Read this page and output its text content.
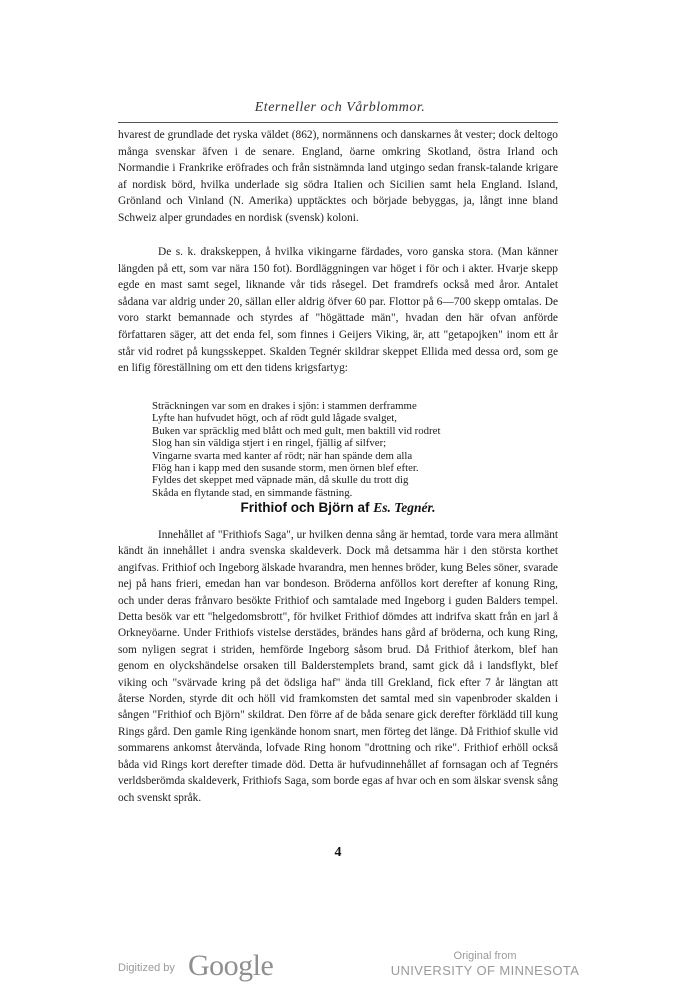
Eterneller och Vårblommor.

hvarest de grundlade det ryska väldet (862), normännens och danskarnes åt vester; dock deltogo många svenskar äfven i de senare. England, öarne omkring Skotland, östra Irland och Normandie i Frankrike eröfrades och från sistnämnda land utgingo sedan fransk-talande krigare af nordisk börd, hvilka underlade sig södra Italien och Sicilien samt hela England. Island, Grönland och Vinland (N. Amerika) upptäcktes och började bebyggas, ja, långt inne bland Schweiz alper grundades en nordisk (svensk) koloni.

De s. k. drakskeppen, å hvilka vikingarne färdades, voro ganska stora. (Man känner längden på ett, som var nära 150 fot). Bordläggningen var höget i för och i akter. Hvarje skepp egde en mast samt segel, liknande vår tids råsegel. Det framdrefs också med åror. Antalet sådana var aldrig under 20, sällan eller aldrig öfver 60 par. Flottor på 6—700 skepp omtalas. De voro starkt bemannade och styrdes af "högättade män", hvadan den här ofvan anförde författaren säger, att det enda fel, som finnes i Geijers Viking, är, att "getapojken" inom ett år står vid rodret på kungsskeppet. Skalden Tegnér skildrar skeppet Ellida med dessa ord, som ge en lifig föreställning om ett den tidens krigsfartyg:

Sträckningen var som en drakes i sjön: i stammen derframme
Lyfte han hufvudet högt, och af rödt guld lågade svalget,
Buken var spräcklig med blått och med gult, men baktill vid rodret
Slog han sin väldiga stjert i en ringel, fjällig af silfver;
Vingarne svarta med kanter af rödt; när han spände dem alla
Flög han i kapp med den susande storm, men örnen blef efter.
Fyldes det skeppet med väpnade män, då skulle du trott dig
Skåda en flytande stad, en simmande fästning.
Frithiof och Björn af Es. Tegnér.

Innehållet af "Frithiofs Saga", ur hvilken denna sång är hemtad, torde vara mera allmänt kändt än innehållet i andra svenska skaldeverk. Dock må detsamma här i den största korthet angifvas. Frithiof och Ingeborg älskade hvarandra, men hennes bröder, kung Beles söner, svarade nej på hans frieri, emedan han var bondeson. Bröderna anföllos kort derefter af konung Ring, och under deras frånvaro besökte Frithiof och samtalade med Ingeborg i guden Balders tempel. Detta besök var ett "helgedomsbrott", för hvilket Frithiof dömdes att indrifva skatt från en jarl å Orkneyöarne. Under Frithiofs vistelse derstädes, brändes hans gård af bröderna, och kung Ring, som nyligen segrat i striden, hemförde Ingeborg såsom brud. Då Frithiof återkom, blef han genom en olyckshändelse orsaken till Balderstemplets brand, samt gick då i landsflykt, blef viking och "svärvade kring på det ödsliga haf" ända till Grekland, fick efter 7 år längtan att återse Norden, styrde dit och höll vid framkomsten det samtal med sin vapenbroder skalden i sången "Frithiof och Björn" skildrat. Den förre af de båda senare gick derefter förklädd till kung Rings gård. Den gamle Ring igenkände honom snart, men förteg det länge. Då Frithiof skulle vid sommarens ankomst återvända, lofvade Ring honom "drottning och rike". Frithiof erhöll också båda vid Rings kort derefter timade död. Detta är hufvudinnehållet af fornsagan och af Tegnérs verldsberömda skaldeverk, Frithiofs Saga, som borde egas af hvar och en som älskar svensk sång och svenskt språk.

4
Digitized by Google	Original from
UNIVERSITY OF MINNESOTA
